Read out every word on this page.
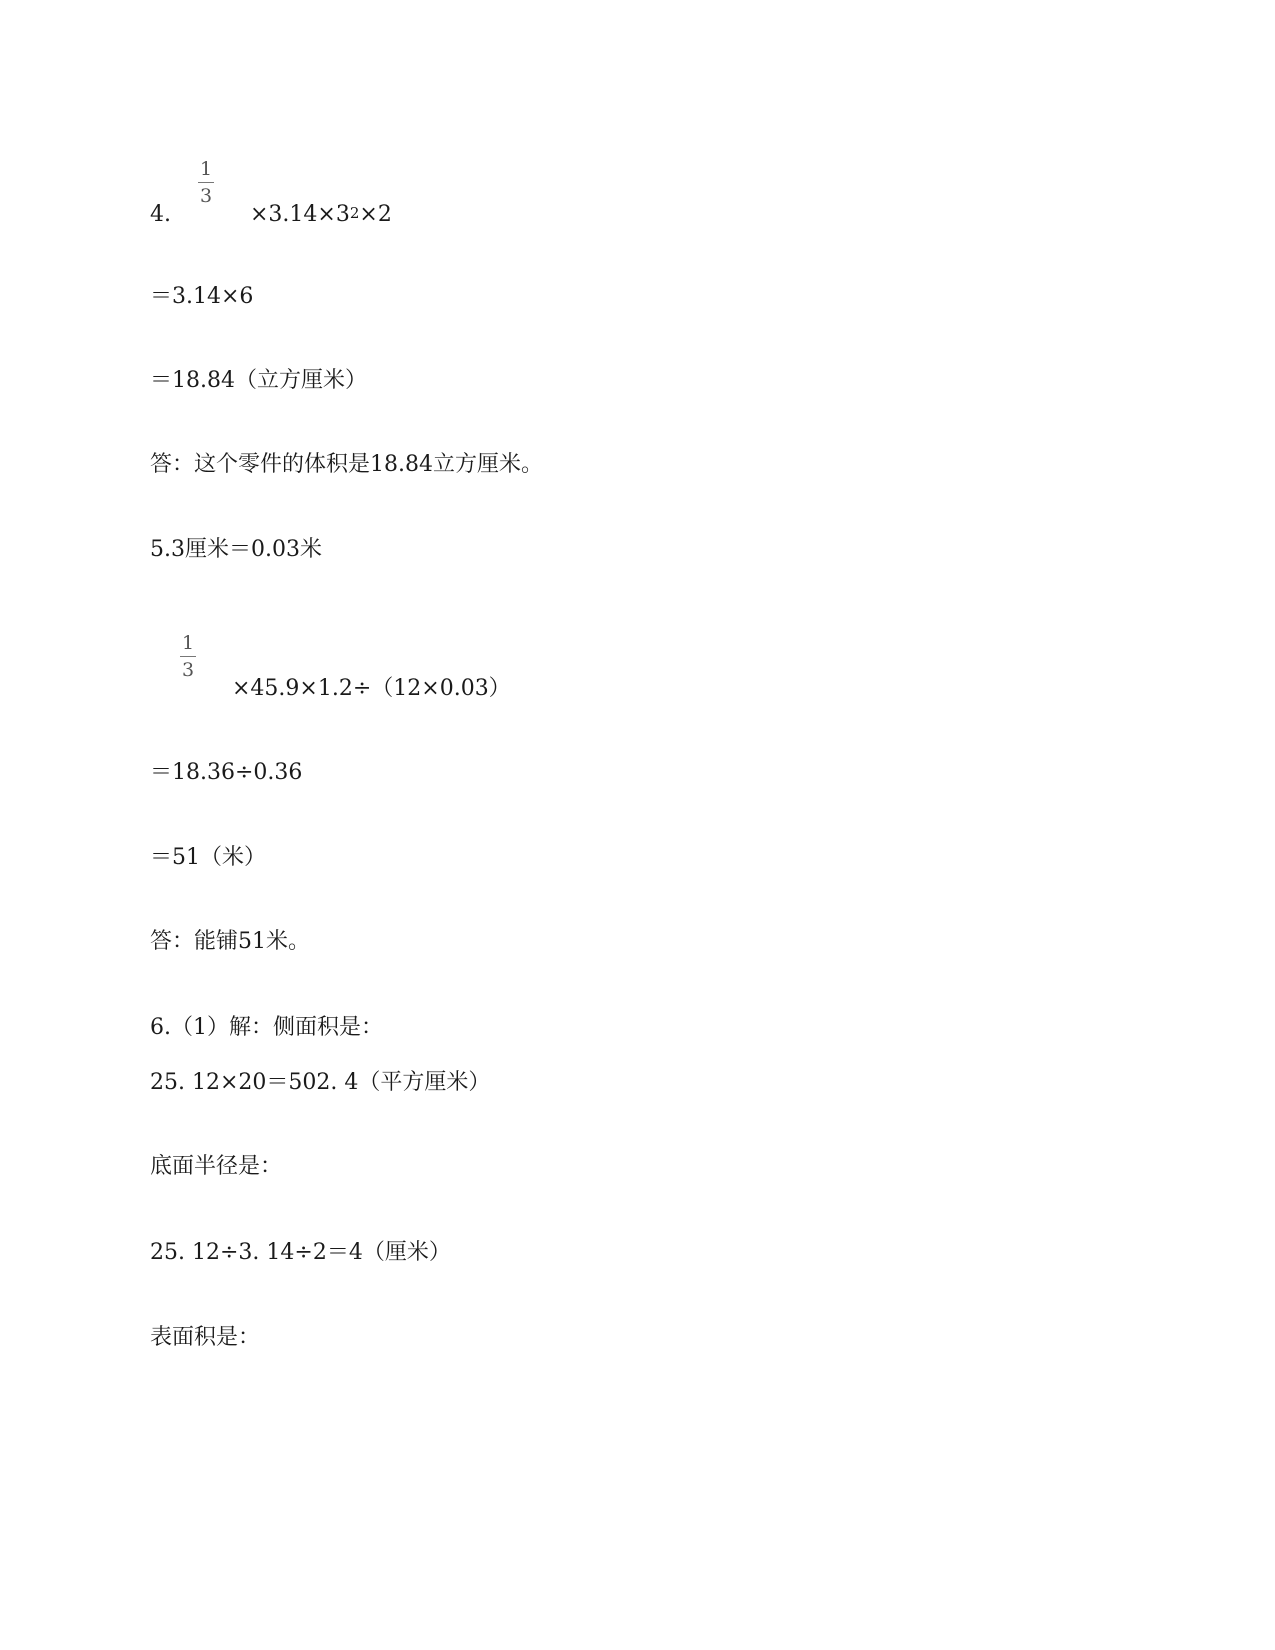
1
3
4.	$\times 3.14\times 3^2\times 2$
＝3.14×6
＝18.84（立方厘米）
答：这个零件的体积是18.84立方厘米。
5.3厘米＝0.03米
1
3
×45.9×1.2÷（12×0.03）
＝18.36÷0.36
＝51（米）
答：能铺51米。
6.（1）解：侧面积是：
25. 12×20＝502. 4（平方厘米）
底面半径是：
25. 12÷3. 14÷2＝4（厘米）
表面积是：
